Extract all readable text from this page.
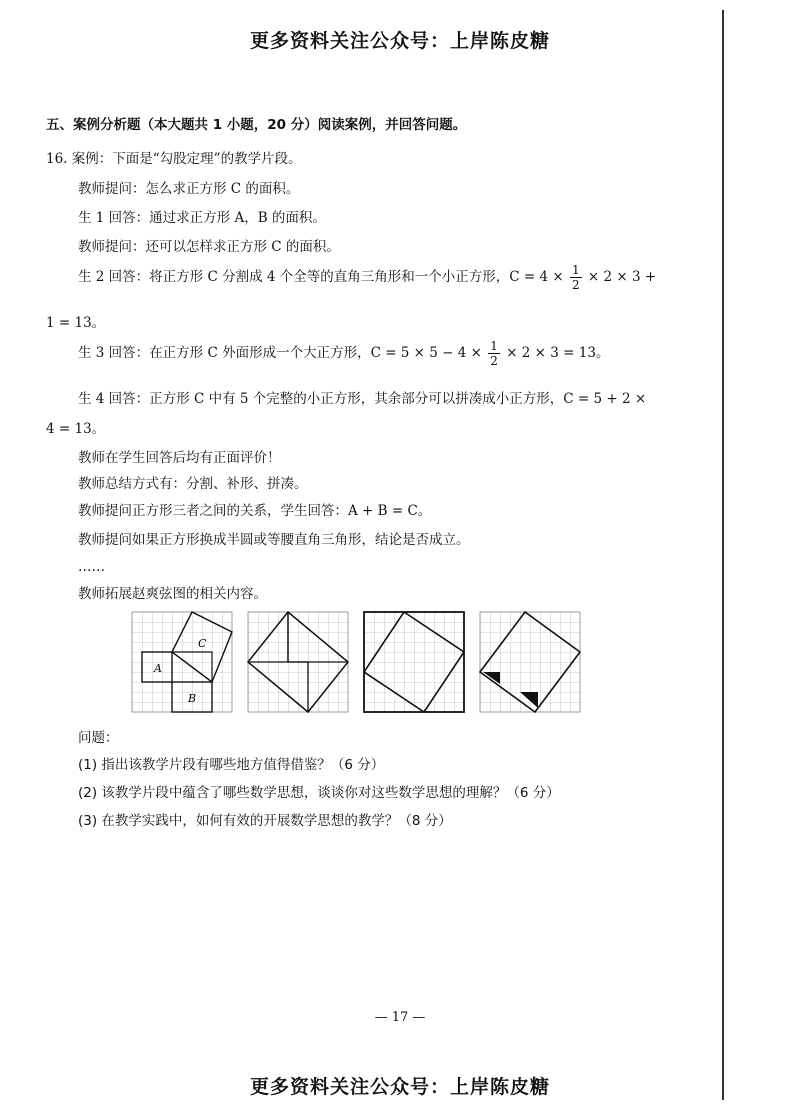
更多资料关注公众号：上岸陈皮糖
五、案例分析题（本大题共 1 小题，20 分）阅读案例，并回答问题。
16. 案例：下面是“勾股定理”的教学片段。
教师提问：怎么求正方形 C 的面积。
生 1 回答：通过求正方形 A，B 的面积。
教师提问：还可以怎样求正方形 C 的面积。
生 2 回答：将正方形 C 分割成 4 个全等的直角三角形和一个小正方形，$C = 4 \times \frac{1}{2} \times 2 \times 3$ +
1 = 13。
生 3 回答：在正方形 C 外面形成一个大正方形，$C = 5 \times 5 - 4 \times \frac{1}{2} \times 2 \times 3 = 13$。
生 4 回答：正方形 C 中有 5 个完整的小正方形，其余部分可以拼凑成小正方形，C = 5 + 2 ×
4 = 13。
教师在学生回答后均有正面评价！
教师总结方式有：分割、补形、拼凑。
教师提问正方形三者之间的关系，学生回答：A + B = C。
教师提问如果正方形换成半圆或等腰直角三角形，结论是否成立。
……
教师拓展赵爽弦图的相关内容。
A
B
C
问题：
(1) 指出该教学片段有哪些地方值得借鉴？（6 分）
(2) 该教学片段中蕴含了哪些数学思想，谈谈你对这些数学思想的理解？（6 分）
(3) 在教学实践中，如何有效的开展数学思想的教学？（8 分）
— 17 —
更多资料关注公众号：上岸陈皮糖
